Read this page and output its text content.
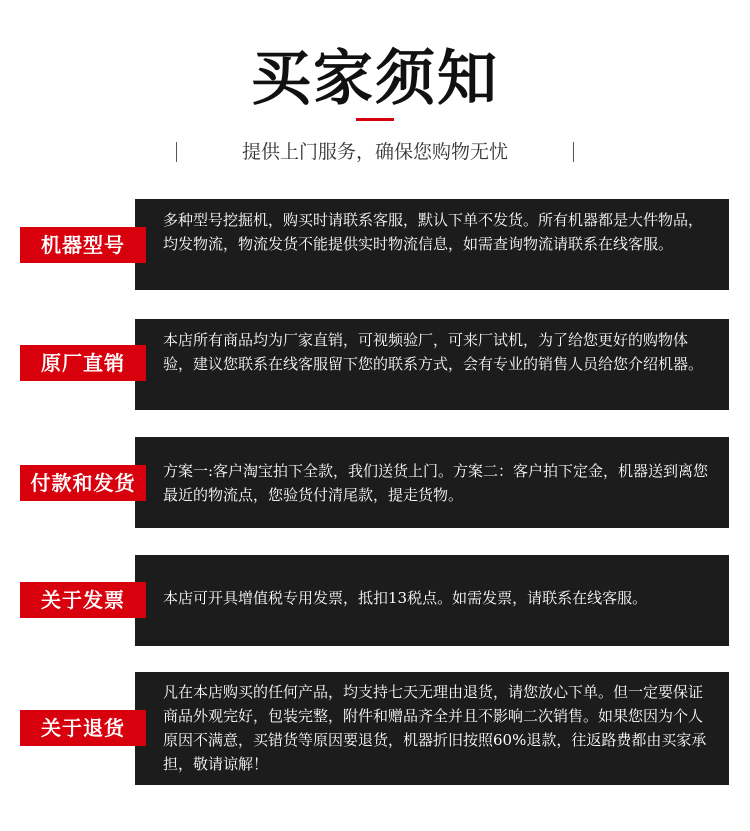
买家须知
提供上门服务，确保您购物无忧
多种型号挖掘机，购买时请联系客服，默认下单不发货。所有机器都是大件物品，均发物流，物流发货不能提供实时物流信息，如需查询物流请联系在线客服。
机器型号
本店所有商品均为厂家直销，可视频验厂，可来厂试机，为了给您更好的购物体验，建议您联系在线客服留下您的联系方式，会有专业的销售人员给您介绍机器。
原厂直销
方案一:客户淘宝拍下全款，我们送货上门。方案二：客户拍下定金，机器送到离您最近的物流点，您验货付清尾款，提走货物。
付款和发货
本店可开具增值税专用发票，抵扣13税点。如需发票，请联系在线客服。
关于发票
凡在本店购买的任何产品，均支持七天无理由退货，请您放心下单。但一定要保证商品外观完好，包装完整，附件和赠品齐全并且不影响二次销售。如果您因为个人原因不满意，买错货等原因要退货，机器折旧按照60%退款，往返路费都由买家承担，敬请谅解！
关于退货
